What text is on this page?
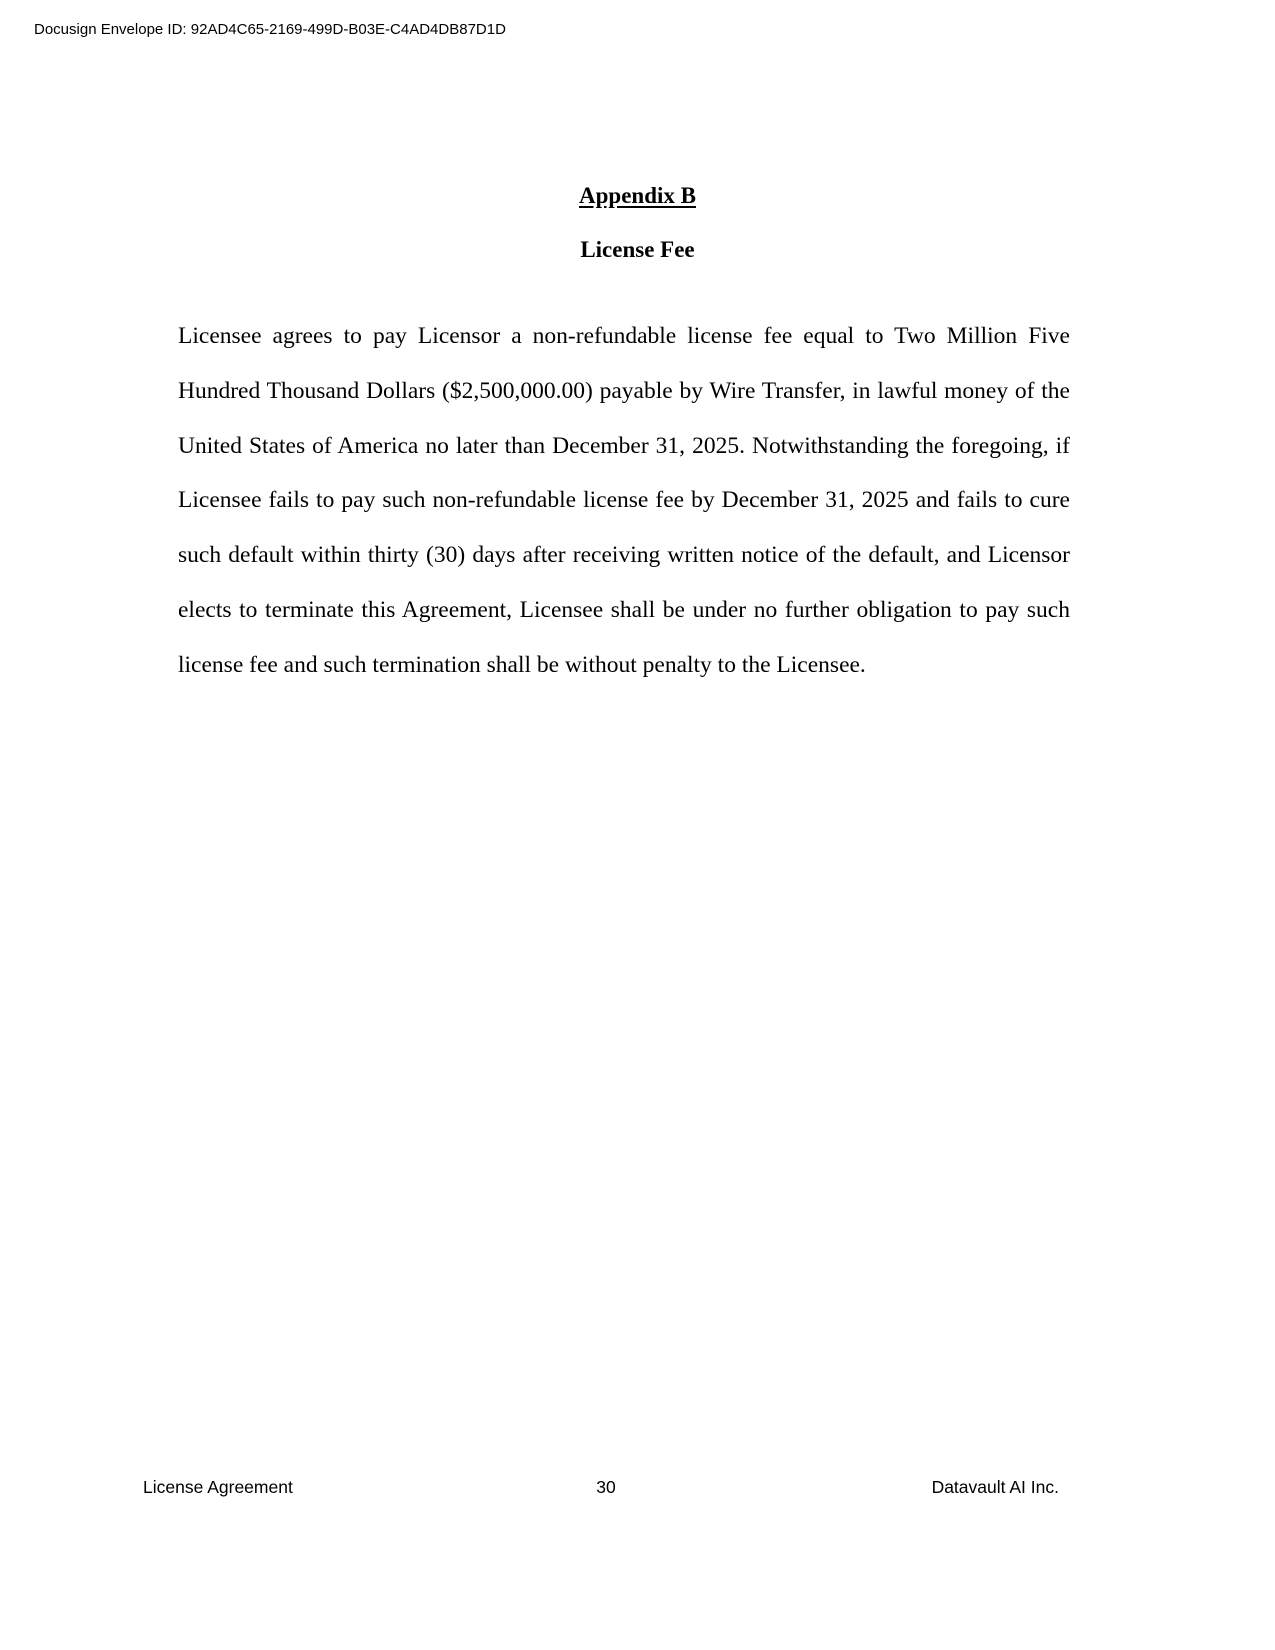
Docusign Envelope ID: 92AD4C65-2169-499D-B03E-C4AD4DB87D1D
Appendix B
License Fee

Licensee agrees to pay Licensor a non-refundable license fee equal to Two Million Five Hundred Thousand Dollars ($2,500,000.00) payable by Wire Transfer, in lawful money of the United States of America no later than December 31, 2025. Notwithstanding the foregoing, if Licensee fails to pay such non-refundable license fee by December 31, 2025 and fails to cure such default within thirty (30) days after receiving written notice of the default, and Licensor elects to terminate this Agreement, Licensee shall be under no further obligation to pay such license fee and such termination shall be without penalty to the Licensee.

License Agreement	30	Datavault AI Inc.
